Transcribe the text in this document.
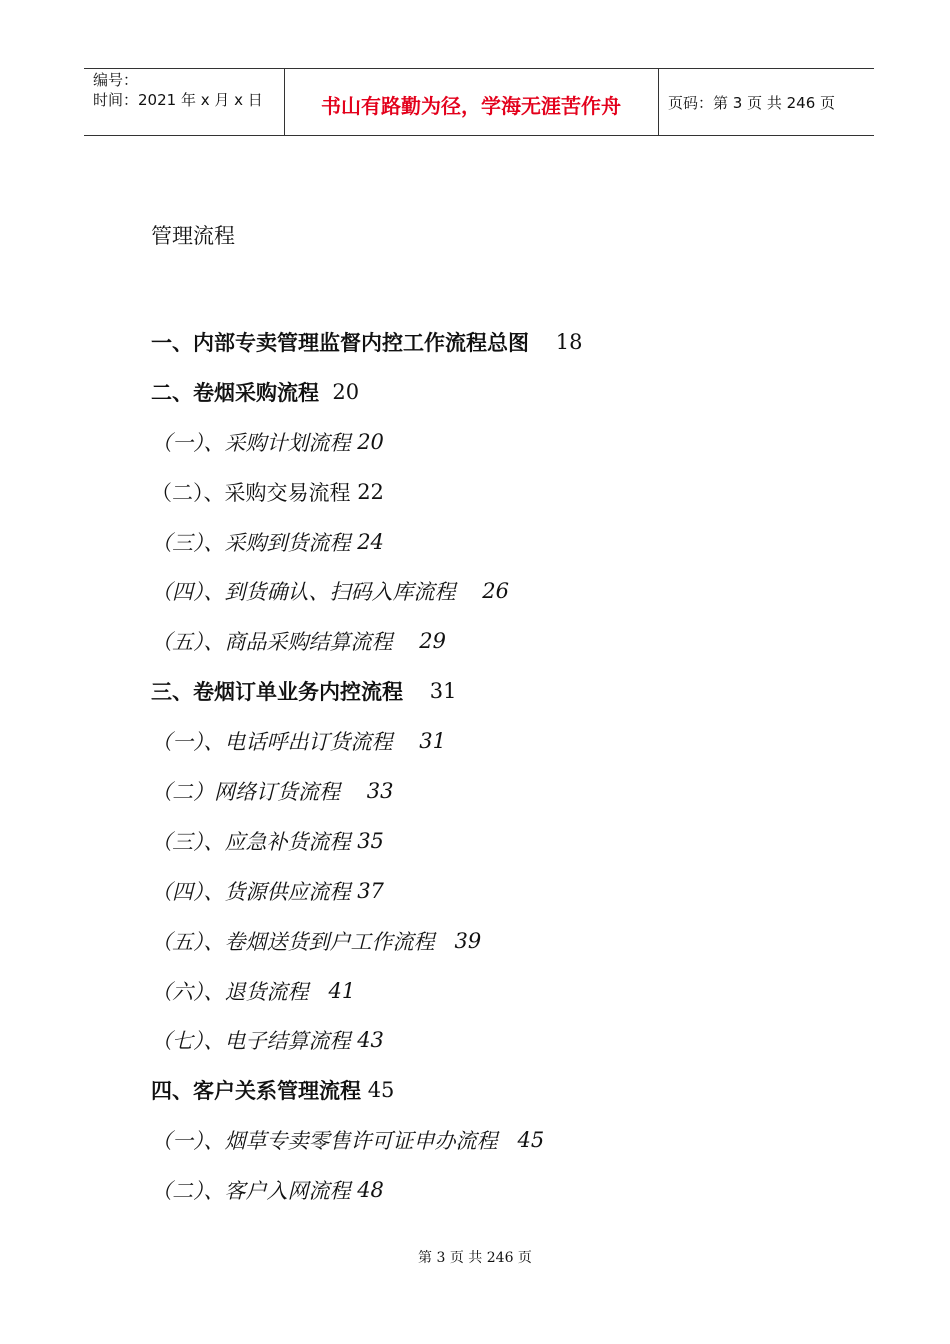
编号：
时间：2021 年 x 月 x 日	书山有路勤为径，学海无涯苦作舟	页码：第 3 页 共 246 页
管理流程
一、内部专卖管理监督内控工作流程总图
18
二、卷烟采购流程
20
（一）、采购计划流程
20
（二）、采购交易流程
22
（三）、采购到货流程
24
（四）、到货确认、扫码入库流程
26
（五）、商品采购结算流程
29
三、卷烟订单业务内控流程
31
（一）、电话呼出订货流程
31
（二）网络订货流程
33
（三）、应急补货流程
35
（四）、货源供应流程
37
（五）、卷烟送货到户工作流程
39
（六）、退货流程
41
（七）、电子结算流程
43
四、客户关系管理流程
45
（一）、烟草专卖零售许可证申办流程
45
（二）、客户入网流程
48
第 3 页 共 246 页
